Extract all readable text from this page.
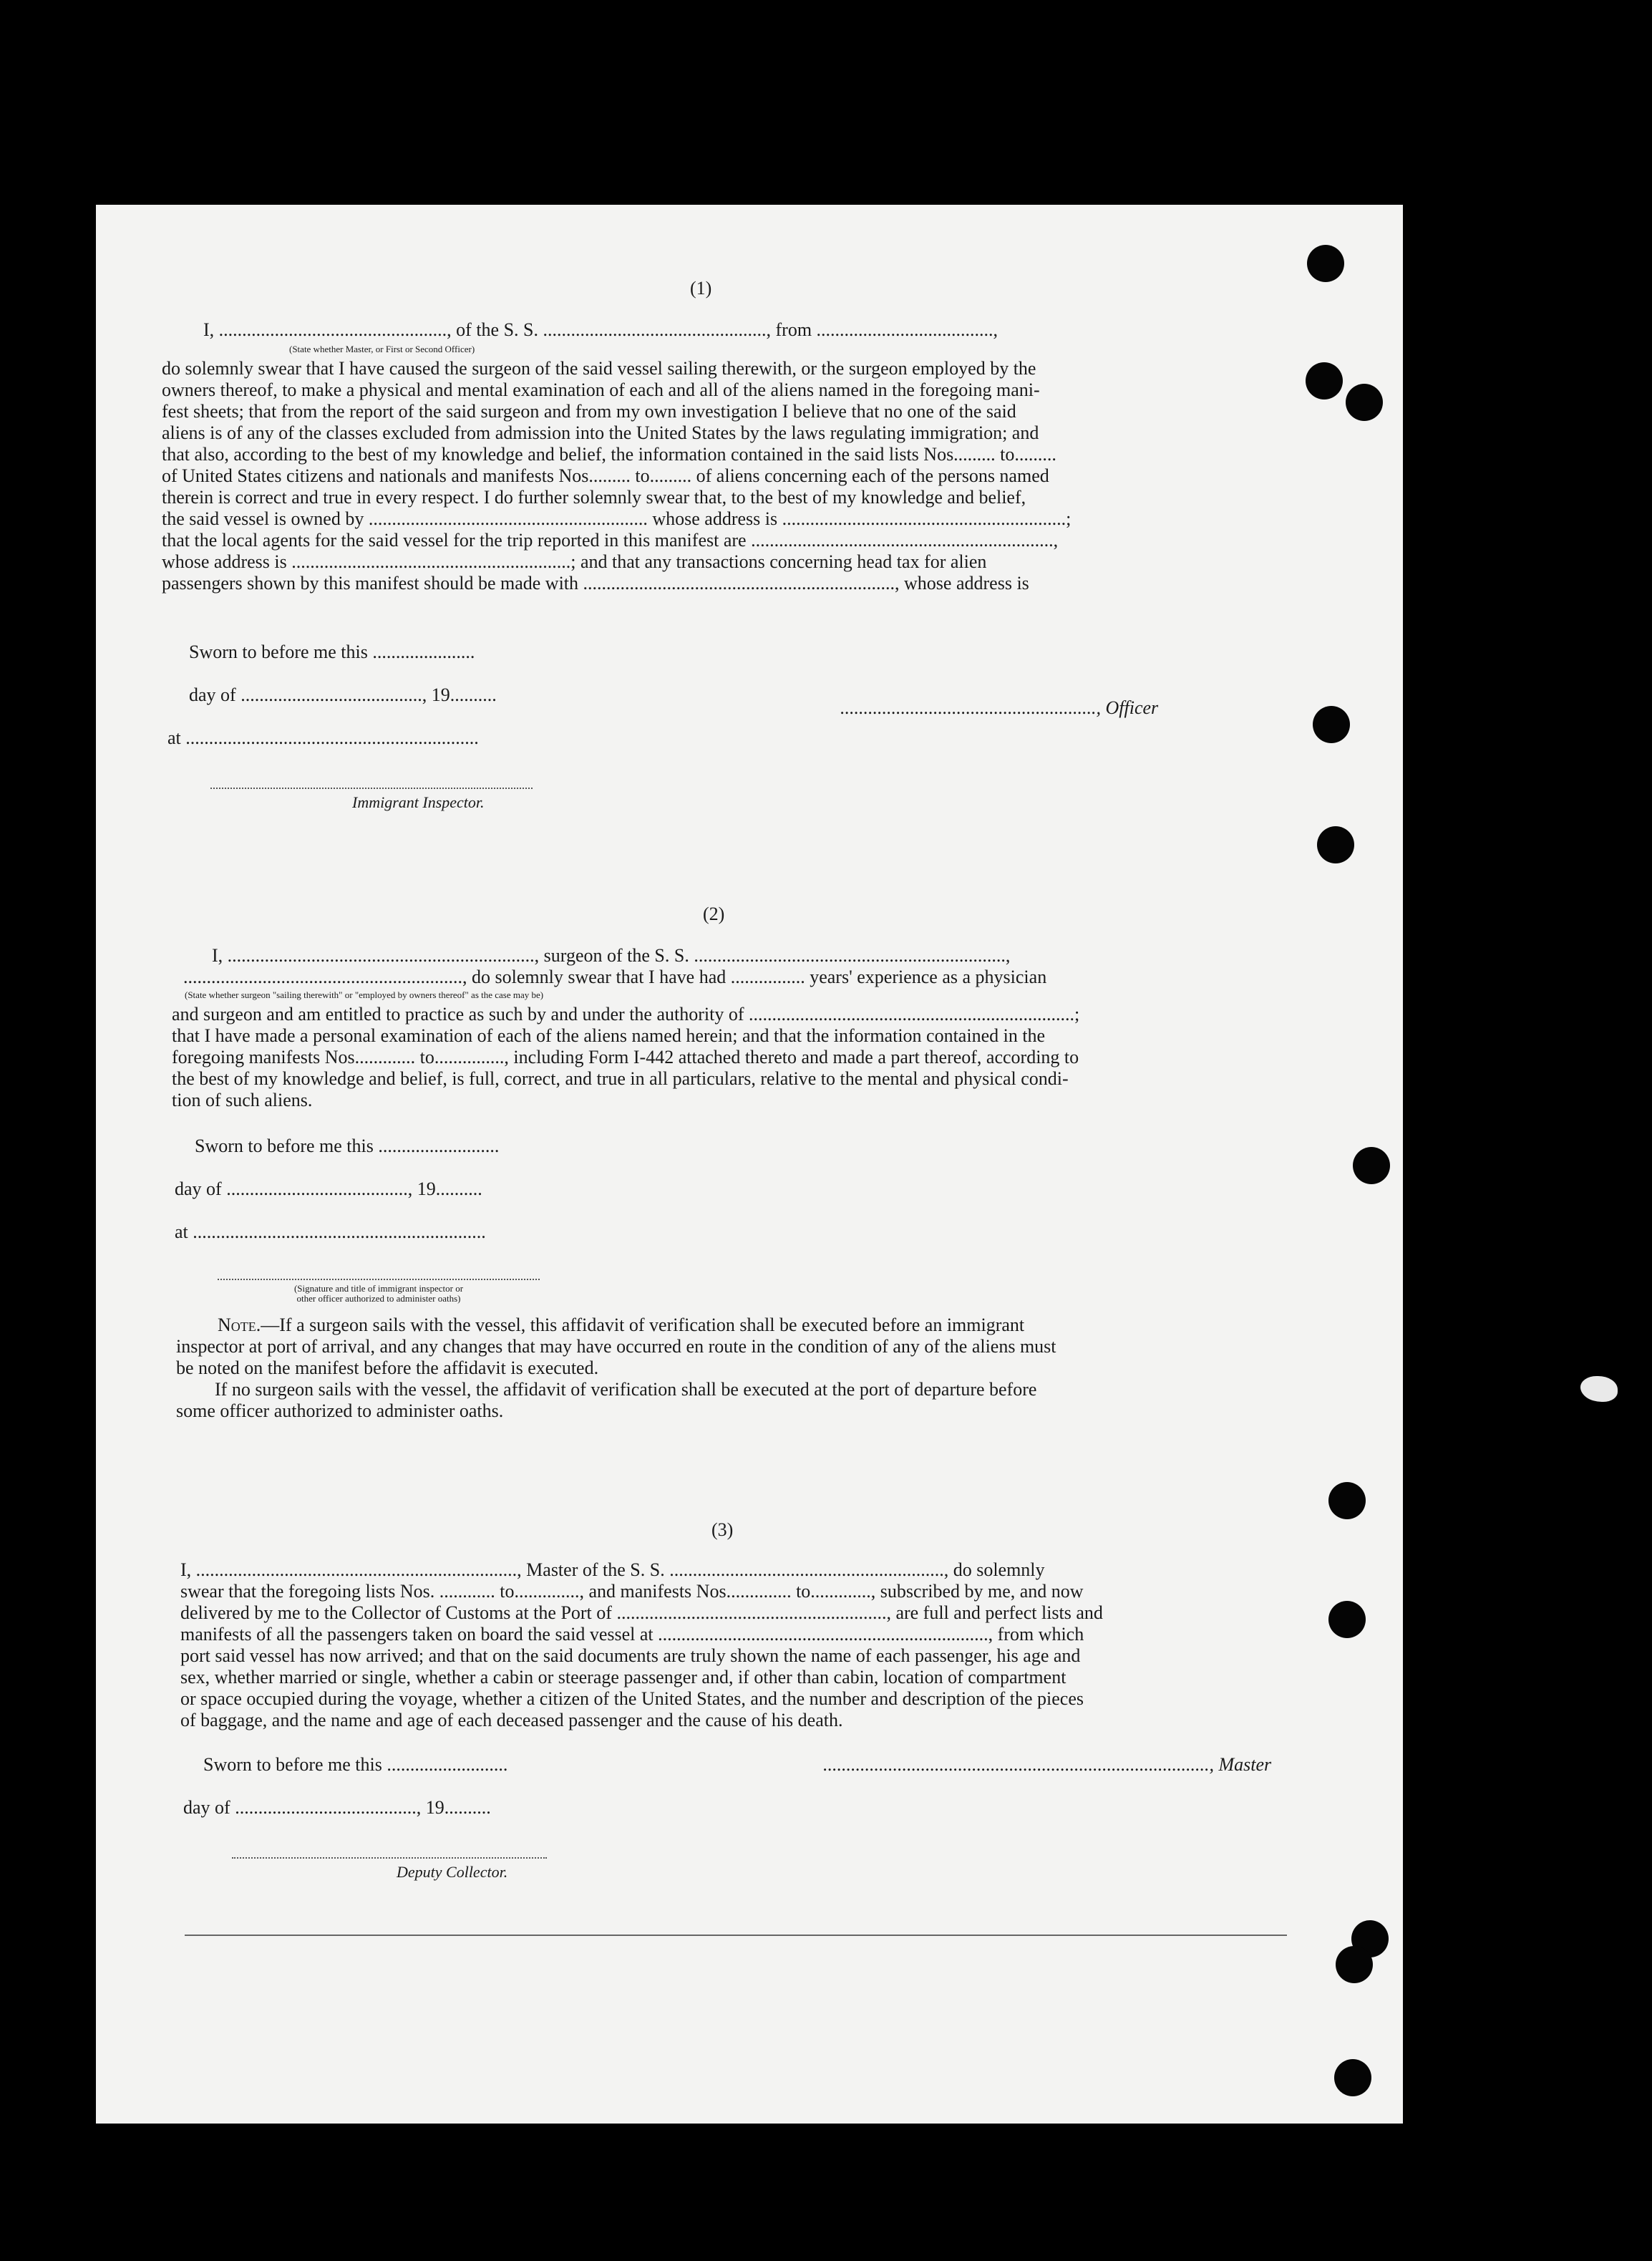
(1)
I, ................................................., of the S. S. ................................................, from ......................................,
(State whether Master, or First or Second Officer)
do solemnly swear that I have caused the surgeon of the said vessel sailing therewith, or the surgeon employed by the
owners thereof, to make a physical and mental examination of each and all of the aliens named in the foregoing mani-
fest sheets; that from the report of the said surgeon and from my own investigation I believe that no one of the said
aliens is of any of the classes excluded from admission into the United States by the laws regulating immigration; and
that also, according to the best of my knowledge and belief, the information contained in the said lists Nos......... to.........
of United States citizens and nationals and manifests Nos......... to......... of aliens concerning each of the persons named
therein is correct and true in every respect. I do further solemnly swear that, to the best of my knowledge and belief,
the said vessel is owned by ............................................................ whose address is .............................................................;
that the local agents for the said vessel for the trip reported in this manifest are .................................................................,
whose address is ............................................................; and that any transactions concerning head tax for alien
passengers shown by this manifest should be made with ..................................................................., whose address is
Sworn to before me this ......................
day of ......................................., 19..........
......................................................., Officer
at ...............................................................
Immigrant Inspector.
(2)
I, .................................................................., surgeon of the S. S. ...................................................................,
............................................................, do solemnly swear that I have had ................ years' experience as a physician
(State whether surgeon "sailing therewith" or "employed by owners thereof" as the case may be)
and surgeon and am entitled to practice as such by and under the authority of ......................................................................;
that I have made a personal examination of each of the aliens named herein; and that the information contained in the
foregoing manifests Nos............. to..............., including Form I-442 attached thereto and made a part thereof, according to
the best of my knowledge and belief, is full, correct, and true in all particulars, relative to the mental and physical condi-
tion of such aliens.
Sworn to before me this ..........................
day of ......................................., 19..........
at ...............................................................
(Signature and title of immigrant inspector or
other officer authorized to administer oaths)
Note.—If a surgeon sails with the vessel, this affidavit of verification shall be executed before an immigrant
inspector at port of arrival, and any changes that may have occurred en route in the condition of any of the aliens must
be noted on the manifest before the affidavit is executed.
If no surgeon sails with the vessel, the affidavit of verification shall be executed at the port of departure before
some officer authorized to administer oaths.
(3)
I, ....................................................................., Master of the S. S. ..........................................................., do solemnly
swear that the foregoing lists Nos. ............ to.............., and manifests Nos.............. to............., subscribed by me, and now
delivered by me to the Collector of Customs at the Port of .........................................................., are full and perfect lists and
manifests of all the passengers taken on board the said vessel at ......................................................................., from which
port said vessel has now arrived; and that on the said documents are truly shown the name of each passenger, his age and
sex, whether married or single, whether a cabin or steerage passenger and, if other than cabin, location of compartment
or space occupied during the voyage, whether a citizen of the United States, and the number and description of the pieces
of baggage, and the name and age of each deceased passenger and the cause of his death.
Sworn to before me this ..........................	..................................................................................., Master
day of ......................................., 19..........
Deputy Collector.
